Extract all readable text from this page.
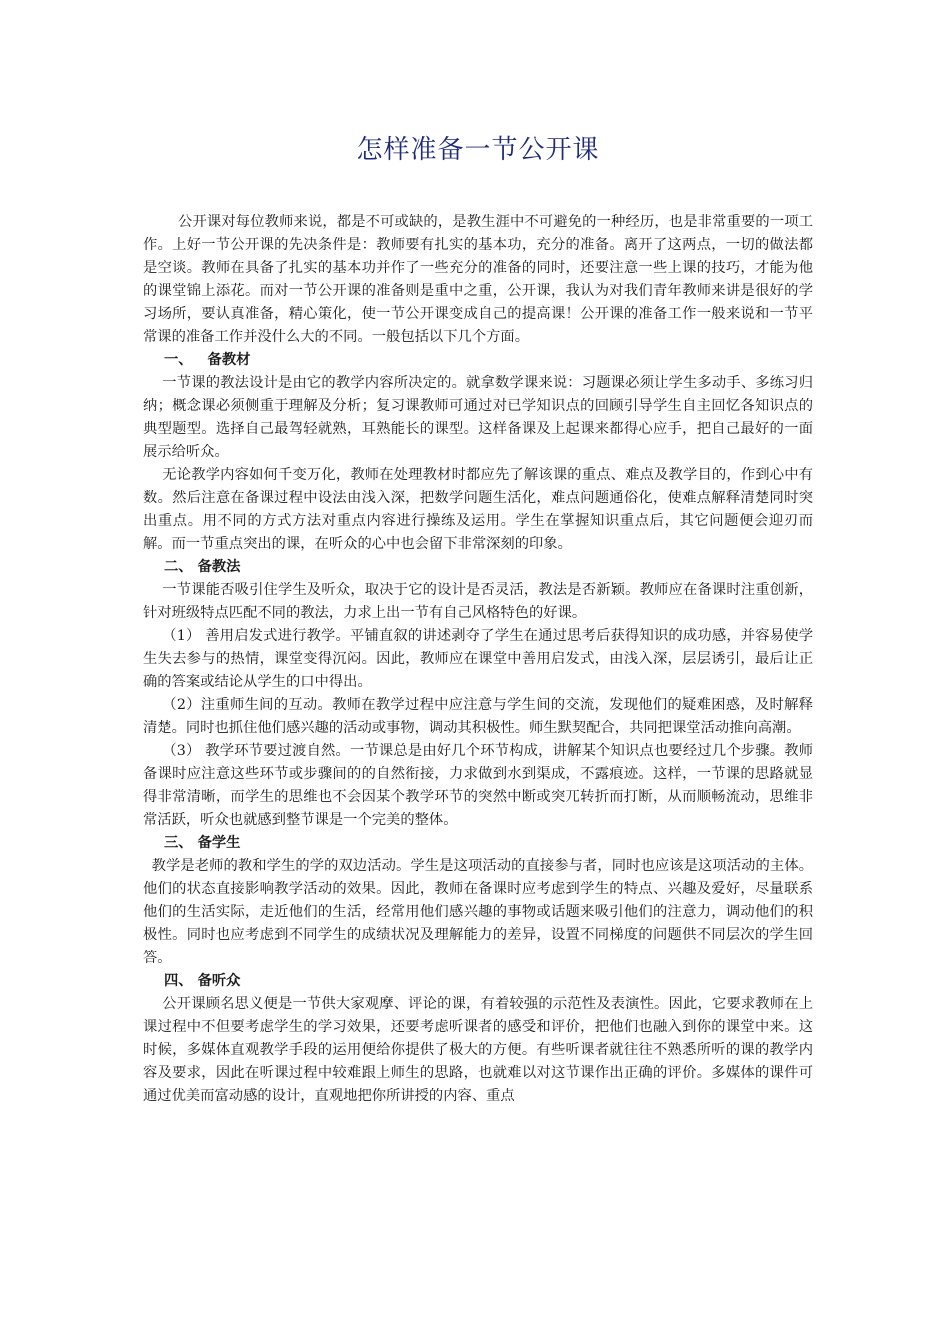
怎样准备一节公开课

公开课对每位教师来说，都是不可或缺的，是教生涯中不可避免的一种经历，也是非常重要的一项工作。上好一节公开课的先决条件是：教师要有扎实的基本功，充分的准备。离开了这两点，一切的做法都是空谈。教师在具备了扎实的基本功并作了一些充分的准备的同时，还要注意一些上课的技巧，才能为他的课堂锦上添花。而对一节公开课的准备则是重中之重，公开课，我认为对我们青年教师来讲是很好的学习场所，要认真准备，精心策化，使一节公开课变成自己的提高课！公开课的准备工作一般来说和一节平常课的准备工作并没什么大的不同。一般包括以下几个方面。

一、   备教材

一节课的教法设计是由它的教学内容所决定的。就拿数学课来说：习题课必须让学生多动手、多练习归纳；概念课必须侧重于理解及分析；复习课教师可通过对已学知识点的回顾引导学生自主回忆各知识点的典型题型。选择自己最驾轻就熟，耳熟能长的课型。这样备课及上起课来都得心应手，把自己最好的一面展示给听众。

无论教学内容如何千变万化，教师在处理教材时都应先了解该课的重点、难点及教学目的，作到心中有数。然后注意在备课过程中设法由浅入深，把数学问题生活化，难点问题通俗化，使难点解释清楚同时突出重点。用不同的方式方法对重点内容进行操练及运用。学生在掌握知识重点后，其它问题便会迎刃而解。而一节重点突出的课，在听众的心中也会留下非常深刻的印象。

二、 备教法

一节课能否吸引住学生及听众，取决于它的设计是否灵活，教法是否新颖。教师应在备课时注重创新，针对班级特点匹配不同的教法，力求上出一节有自己风格特色的好课。

（1） 善用启发式进行教学。平铺直叙的讲述剥夺了学生在通过思考后获得知识的成功感，并容易使学生失去参与的热情，课堂变得沉闷。因此，教师应在课堂中善用启发式，由浅入深，层层诱引，最后让正确的答案或结论从学生的口中得出。

（2）注重师生间的互动。教师在教学过程中应注意与学生间的交流，发现他们的疑难困惑，及时解释清楚。同时也抓住他们感兴趣的活动或事物，调动其积极性。师生默契配合，共同把课堂活动推向高潮。

（3） 教学环节要过渡自然。一节课总是由好几个环节构成，讲解某个知识点也要经过几个步骤。教师备课时应注意这些环节或步骤间的的自然衔接，力求做到水到渠成，不露痕迹。这样，一节课的思路就显得非常清晰，而学生的思维也不会因某个教学环节的突然中断或突兀转折而打断，从而顺畅流动，思维非常活跃，听众也就感到整节课是一个完美的整体。

三、 备学生

教学是老师的教和学生的学的双边活动。学生是这项活动的直接参与者，同时也应该是这项活动的主体。他们的状态直接影响教学活动的效果。因此，教师在备课时应考虑到学生的特点、兴趣及爱好，尽量联系他们的生活实际，走近他们的生活，经常用他们感兴趣的事物或话题来吸引他们的注意力，调动他们的积极性。同时也应考虑到不同学生的成绩状况及理解能力的差异，设置不同梯度的问题供不同层次的学生回答。

四、 备听众

公开课顾名思义便是一节供大家观摩、评论的课，有着较强的示范性及表演性。因此，它要求教师在上课过程中不但要考虑学生的学习效果，还要考虑听课者的感受和评价，把他们也融入到你的课堂中来。这时候，多媒体直观教学手段的运用便给你提供了极大的方便。有些听课者就往往不熟悉所听的课的教学内容及要求，因此在听课过程中较难跟上师生的思路，也就难以对这节课作出正确的评价。多媒体的课件可通过优美而富动感的设计，直观地把你所讲授的内容、重点
